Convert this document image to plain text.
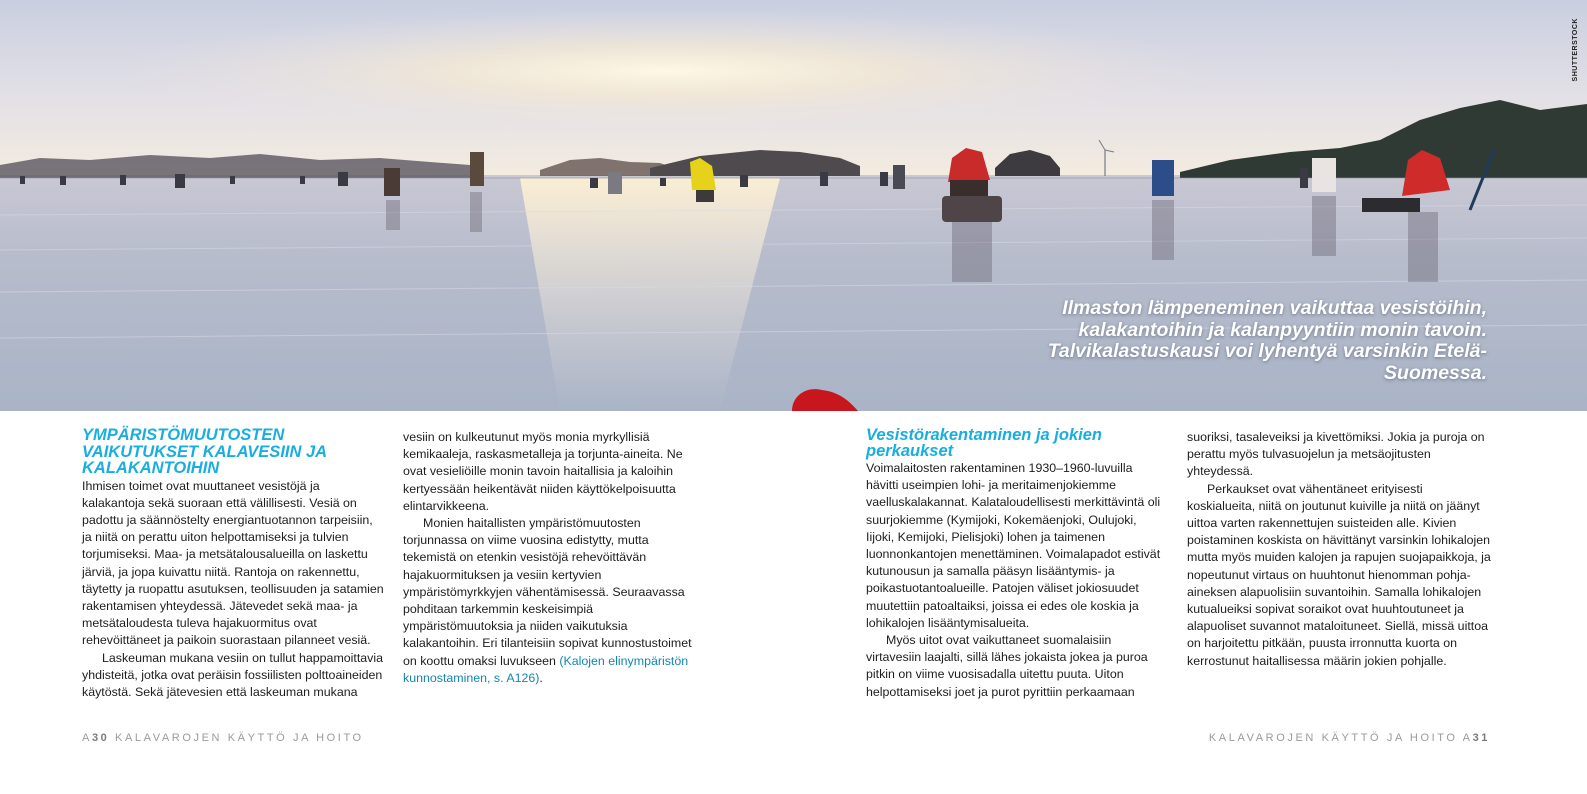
SHUTTERSTOCK
Ilmaston lämpeneminen vaikuttaa vesistöihin, kalakantoihin ja kalanpyyntiin monin tavoin. Talvikalastuskausi voi lyhentyä varsinkin Etelä-Suomessa.
YMPÄRISTÖMUUTOSTEN VAIKUTUKSET KALAVESIIN JA KALAKANTOIHIN

Ihmisen toimet ovat muuttaneet vesistöjä ja kalakantoja sekä suoraan että välillisesti. Vesiä on padottu ja säännöstelty energiantuotannon tarpeisiin, ja niitä on perattu uiton helpottamiseksi ja tulvien torjumiseksi. Maa- ja metsätalousalueilla on laskettu järviä, ja jopa kuivattu niitä. Rantoja on rakennettu, täytetty ja ruopattu asutuksen, teollisuuden ja satamien rakentamisen yhteydessä. Jätevedet sekä maa- ja metsätaloudesta tuleva hajakuormitus ovat rehevöittäneet ja paikoin suorastaan pilanneet vesiä.

Laskeuman mukana vesiin on tullut happamoittavia yhdisteitä, jotka ovat peräisin fossiilisten polttoaineiden käytöstä. Sekä jätevesien että laskeuman mukana

vesiin on kulkeutunut myös monia myrkyllisiä kemikaaleja, raskasmetalleja ja torjunta-aineita. Ne ovat vesieliöille monin tavoin haitallisia ja kaloihin kertyessään heikentävät niiden käyttökelpoisuutta elintarvikkeena.

Monien haitallisten ympäristömuutosten torjunnassa on viime vuosina edistytty, mutta tekemistä on etenkin vesistöjä rehevöittävän hajakuormituksen ja vesiin kertyvien ympäristömyrkkyjen vähentämisessä. Seuraavassa pohditaan tarkemmin keskeisimpiä ympäristömuutoksia ja niiden vaikutuksia kalakantoihin. Eri tilanteisiin sopivat kunnostustoimet on koottu omaksi luvukseen (Kalojen elinympäristön kunnostaminen, s. A126).

Vesistörakentaminen ja jokien perkaukset

Voimalaitosten rakentaminen 1930–1960-luvuilla hävitti useimpien lohi- ja meritaimenjokiemme vaelluskalakannat. Kalataloudellisesti merkittävintä oli suurjokiemme (Kymijoki, Kokemäenjoki, Oulujoki, Iijoki, Kemijoki, Pielisjoki) lohen ja taimenen luonnonkantojen menettäminen. Voimalapadot estivät kutunousun ja samalla pääsyn lisääntymis- ja poikastuotantoalueille. Patojen väliset jokiosuudet muutettiin patoaltaiksi, joissa ei edes ole koskia ja lohikalojen lisääntymisalueita.

Myös uitot ovat vaikuttaneet suomalaisiin virtavesiin laajalti, sillä lähes jokaista jokea ja puroa pitkin on viime vuosisadalla uitettu puuta. Uiton helpottamiseksi joet ja purot pyrittiin perkaamaan

suoriksi, tasaleveiksi ja kivettömiksi. Jokia ja puroja on perattu myös tulvasuojelun ja metsäojitusten yhteydessä.

Perkaukset ovat vähentäneet erityisesti koskialueita, niitä on joutunut kuiville ja niitä on jäänyt uittoa varten rakennettujen suisteiden alle. Kivien poistaminen koskista on hävittänyt varsinkin lohikalojen mutta myös muiden kalojen ja rapujen suojapaikkoja, ja nopeutunut virtaus on huuhtonut hienomman pohja-aineksen alapuolisiin suvantoihin. Samalla lohikalojen kutualueiksi sopivat soraikot ovat huuhtoutuneet ja alapuoliset suvannot mataloituneet. Siellä, missä uittoa on harjoitettu pitkään, puusta irronnutta kuorta on kerrostunut haitallisessa määrin jokien pohjalle.

A30 KALAVAROJEN KÄYTTÖ JA HOITO	KALAVAROJEN KÄYTTÖ JA HOITO A31
